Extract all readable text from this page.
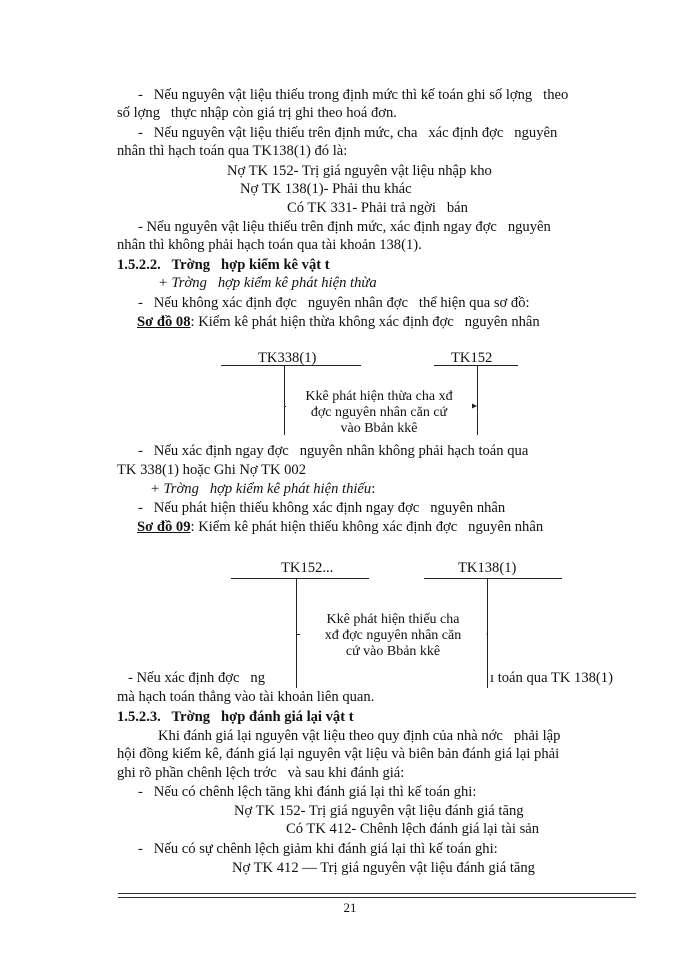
-   Nếu nguyên vật liệu thiếu trong định mức thì kế toán ghi số lợng   theo
số lợng   thực nhập còn giá trị ghi theo hoá đơn.
-   Nếu nguyên vật liệu thiếu trên định mức, cha   xác định đợc   nguyên
nhân thì hạch toán qua TK138(1) đó là:
Nợ TK 152- Trị giá nguyên vật liệu nhập kho
Nợ TK 138(1)- Phải thu khác
Có TK 331- Phải trả ngời   bán
- Nếu nguyên vật liệu thiếu trên định mức, xác định ngay đợc   nguyên
nhân thì không phải hạch toán qua tài khoản 138(1).
1.5.2.2.   Trờng   hợp kiểm kê vật t
+ Trờng   hợp kiểm kê phát hiện thừa
-   Nếu không xác định đợc   nguyên nhân đợc   thể hiện qua sơ đồ:
Sơ đồ 08: Kiểm kê phát hiện thừa không xác định đợc   nguyên nhân
TK338(1)	TK152
Kkê phát hiện thừa cha xđ
đợc nguyên nhân căn cứ
vào Bbản kkê
-   Nếu xác định ngay đợc   nguyên nhân không phải hạch toán qua
TK 338(1) hoặc Ghi Nợ TK 002
+ Trờng   hợp kiểm kê phát hiện thiếu:
-   Nếu phát hiện thiếu không xác định ngay đợc   nguyên nhân
Sơ đồ 09: Kiểm kê phát hiện thiếu không xác định đợc   nguyên nhân
TK152...	TK138(1)
Kkê phát hiện thiếu cha
xđ đợc nguyên nhân căn
cứ vào Bbản kkê
- Nếu xác định đợc   ng	ı toán qua TK 138(1)
mà hạch toán thẳng vào tài khoản liên quan.
1.5.2.3.   Trờng   hợp đánh giá lại vật t
Khi đánh giá lại nguyên vật liệu theo quy định của nhà nớc   phải lập
hội đồng kiểm kê, đánh giá lại nguyên vật liệu và biên bản đánh giá lại phải
ghi rõ phần chênh lệch trớc   và sau khi đánh giá:
-   Nếu có chênh lệch tăng khi đánh giá lại thì kế toán ghi:
Nợ TK 152- Trị giá nguyên vật liệu đánh giá tăng
Có TK 412- Chênh lệch đánh giá lại tài sản
-   Nếu có sự chênh lệch giảm khi đánh giá lại thì kế toán ghi:
Nợ TK 412 — Trị giá nguyên vật liệu đánh giá tăng
21
